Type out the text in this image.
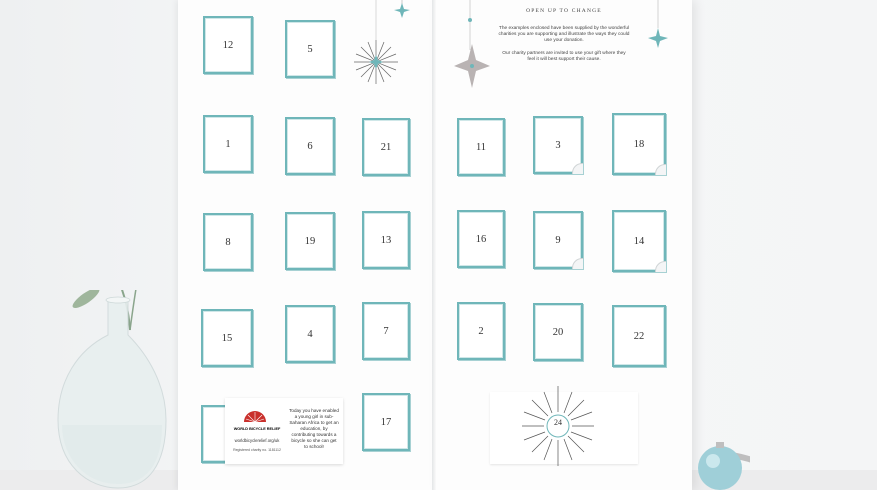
12	5
1	6	21
8	19	13
15	4	7
17
11	3	18
16	9	14
2	20	22
OPEN UP TO CHANGE

The examples enclosed have been supplied by the wonderful charities you are supporting and illustrate the ways they could use your donation.

Our charity partners are invited to use your gift where they feel it will best support their cause.

24
WORLD BICYCLE RELIEF
worldbicyclerelief.org/uk
Registered charity no. 1181112
Today you have enabled a young girl in sub-Saharan Africa to get an education, by contributing towards a bicycle so she can get to school!
